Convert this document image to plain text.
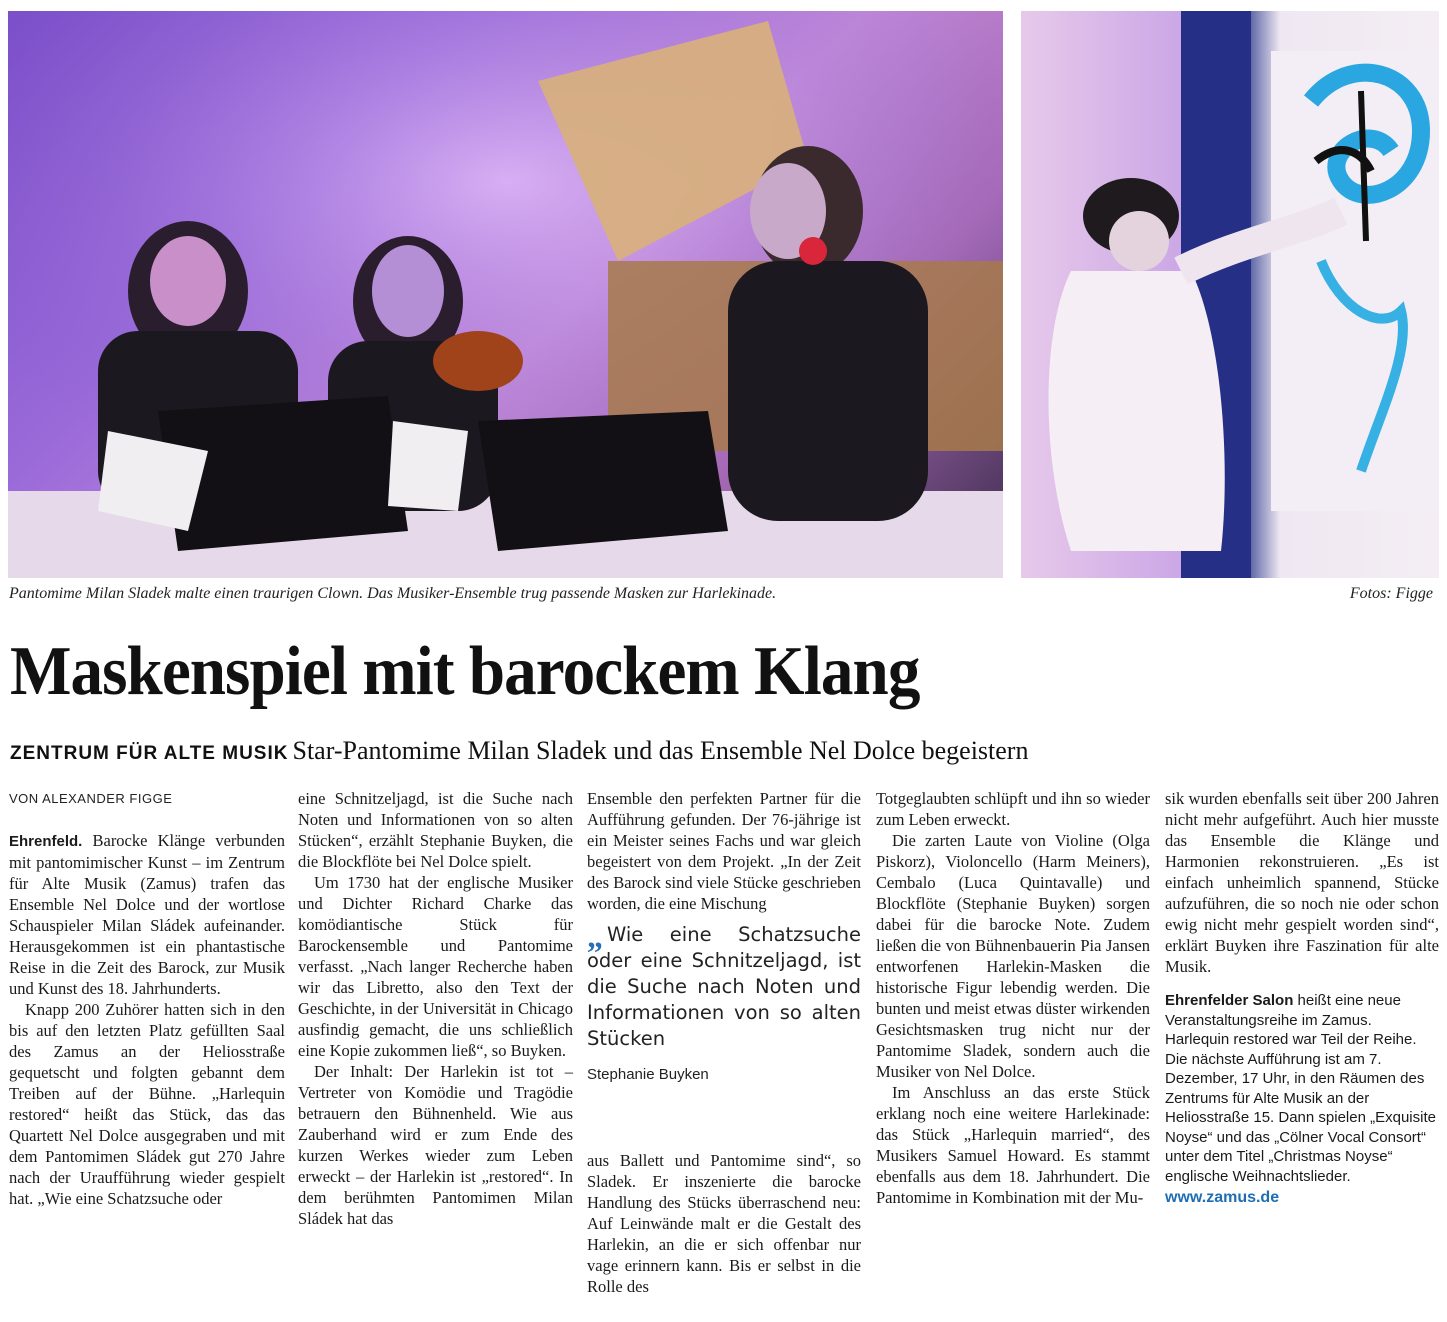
Pantomime Milan Sladek malte einen traurigen Clown. Das Musiker-Ensemble trug passende Masken zur Harlekinade.	Fotos: Figge
Maskenspiel mit barockem Klang
ZENTRUM FÜR ALTE MUSIK Star-Pantomime Milan Sladek und das Ensemble Nel Dolce begeistern

VON ALEXANDER FIGGE

Ehrenfeld. Barocke Klänge verbunden mit pantomimischer Kunst – im Zentrum für Alte Musik (Zamus) trafen das Ensemble Nel Dolce und der wortlose Schauspieler Milan Sládek aufeinander. Herausgekommen ist ein phantastische Reise in die Zeit des Barock, zur Musik und Kunst des 18. Jahrhunderts.

Knapp 200 Zuhörer hatten sich in den bis auf den letzten Platz gefüllten Saal des Zamus an der Heliosstraße gequetscht und folgten gebannt dem Treiben auf der Bühne. „Harlequin restored“ heißt das Stück, das das Quartett Nel Dolce ausgegraben und mit dem Pantomimen Sládek gut 270 Jahre nach der Uraufführung wieder gespielt hat. „Wie eine Schatzsuche oder

eine Schnitzeljagd, ist die Suche nach Noten und Informationen von so alten Stücken“, erzählt Stephanie Buyken, die die Blockflöte bei Nel Dolce spielt.

Um 1730 hat der englische Musiker und Dichter Richard Charke das komödiantische Stück für Barockensemble und Pantomime verfasst. „Nach langer Recherche haben wir das Libretto, also den Text der Geschichte, in der Universität in Chicago ausfindig gemacht, die uns schließlich eine Kopie zukommen ließ“, so Buyken.

Der Inhalt: Der Harlekin ist tot – Vertreter von Komödie und Tragödie betrauern den Bühnenheld. Wie aus Zauberhand wird er zum Ende des kurzen Werkes wieder zum Leben erweckt – der Harlekin ist „restored“. In dem berühmten Pantomimen Milan Sládek hat das

Ensemble den perfekten Partner für die Aufführung gefunden. Der 76-jährige ist ein Meister seines Fachs und war gleich begeistert von dem Projekt. „In der Zeit des Barock sind viele Stücke geschrieben worden, die eine Mischung

„ Wie eine Schatzsuche oder eine Schnitzeljagd, ist die Suche nach Noten und Informationen von so alten Stücken
Stephanie Buyken

aus Ballett und Pantomime sind“, so Sladek. Er inszenierte die barocke Handlung des Stücks überraschend neu: Auf Leinwände malt er die Gestalt des Harlekin, an die er sich offenbar nur vage erinnern kann. Bis er selbst in die Rolle des

Totgeglaubten schlüpft und ihn so wieder zum Leben erweckt.

Die zarten Laute von Violine (Olga Piskorz), Violoncello (Harm Meiners), Cembalo (Luca Quintavalle) und Blockflöte (Stephanie Buyken) sorgen dabei für die barocke Note. Zudem ließen die von Bühnenbauerin Pia Jansen entworfenen Harlekin-Masken die historische Figur lebendig werden. Die bunten und meist etwas düster wirkenden Gesichtsmasken trug nicht nur der Pantomime Sladek, sondern auch die Musiker von Nel Dolce.

Im Anschluss an das erste Stück erklang noch eine weitere Harlekinade: das Stück „Harlequin married“, des Musikers Samuel Howard. Es stammt ebenfalls aus dem 18. Jahrhundert. Die Pantomime in Kombination mit der Mu-

sik wurden ebenfalls seit über 200 Jahren nicht mehr aufgeführt. Auch hier musste das Ensemble die Klänge und Harmonien rekonstruieren. „Es ist einfach unheimlich spannend, Stücke aufzuführen, die so noch nie oder schon ewig nicht mehr gespielt worden sind“, erklärt Buyken ihre Faszination für alte Musik.

Ehrenfelder Salon heißt eine neue Veranstaltungsreihe im Zamus. Harlequin restored war Teil der Reihe. Die nächste Aufführung ist am 7. Dezember, 17 Uhr, in den Räumen des Zentrums für Alte Musik an der Heliosstraße 15. Dann spielen „Exquisite Noyse“ und das „Cölner Vocal Consort“ unter dem Titel „Christmas Noyse“ englische Weihnachtslieder.
www.zamus.de
